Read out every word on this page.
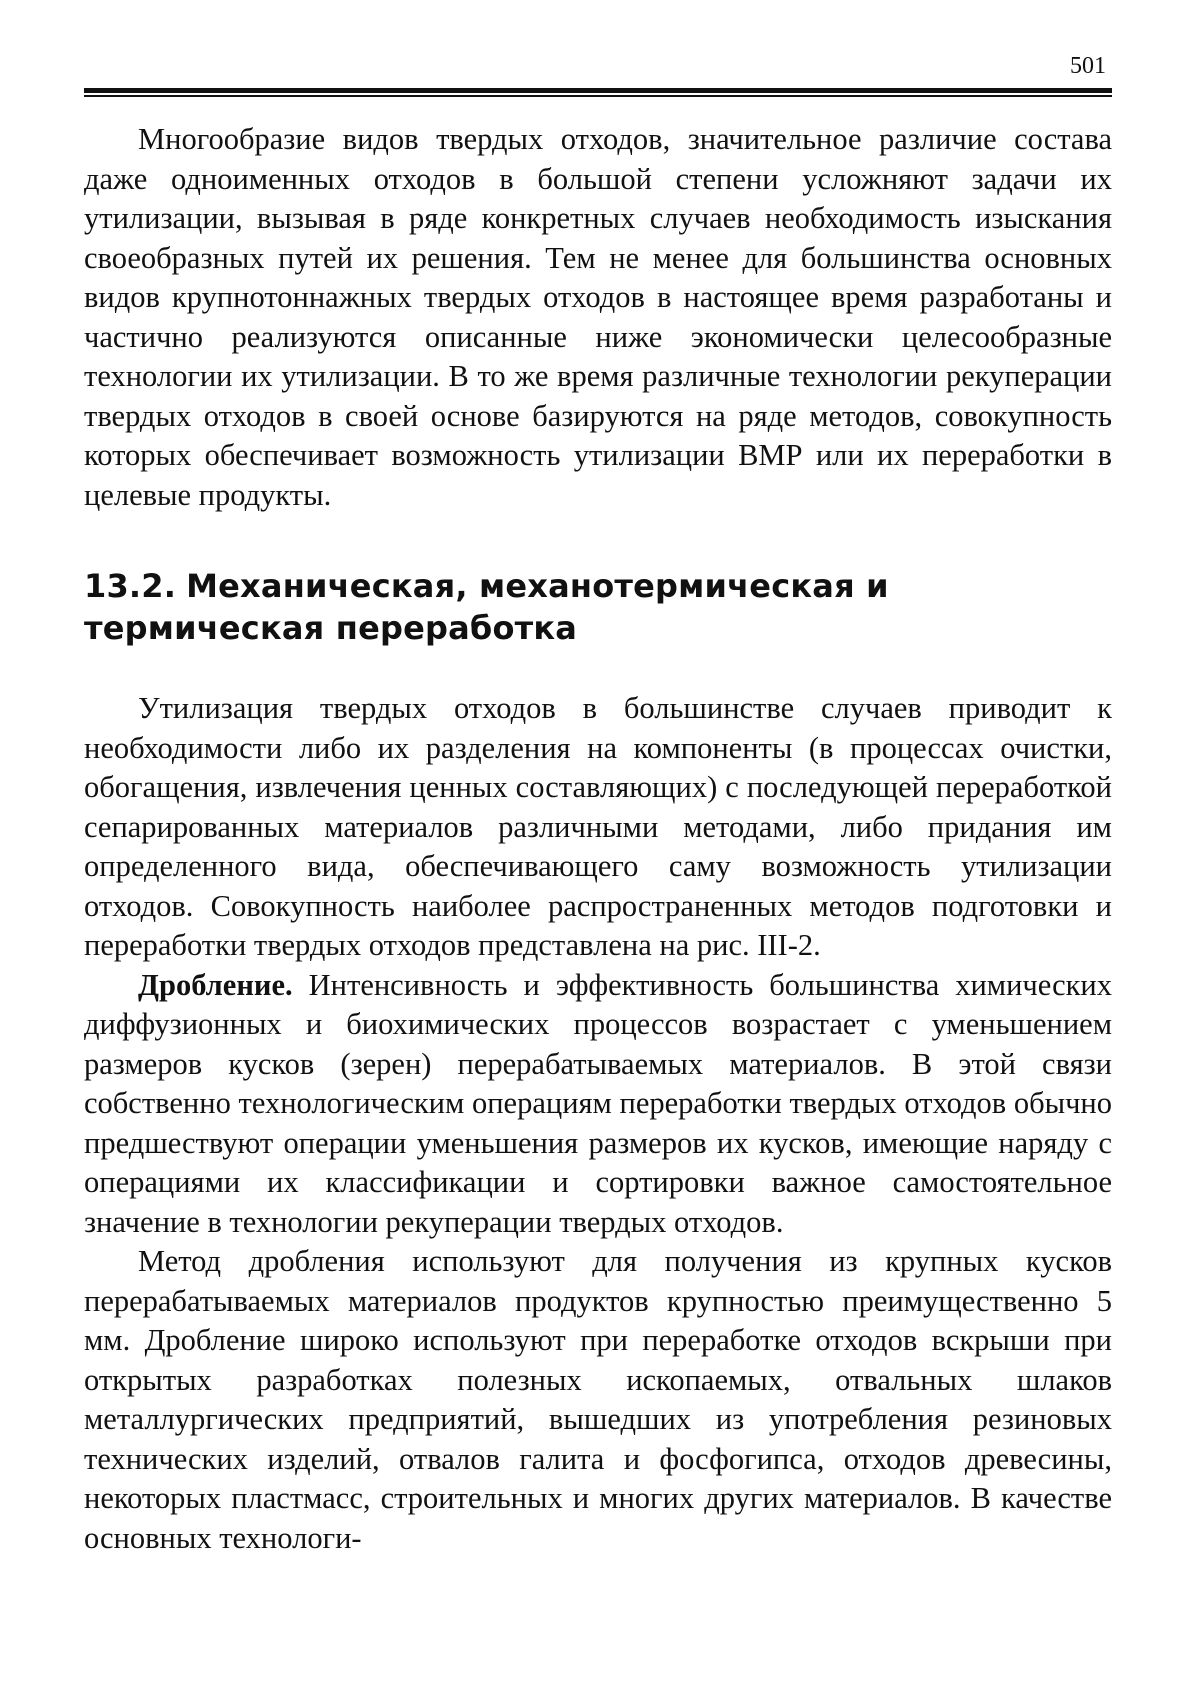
501

Многообразие видов твердых отходов, значительное различие состава даже одноименных отходов в большой степени усложняют задачи их утилизации, вызывая в ряде конкретных случаев необходимость изыскания своеобразных путей их решения. Тем не менее для большинства основных видов крупнотоннажных твердых отходов в настоящее время разработаны и частично реализуются описанные ниже экономически целесообразные технологии их утилизации. В то же время различные технологии рекуперации твердых отходов в своей основе базируются на ряде методов, совокупность которых обеспечивает возможность утилизации ВМР или их переработки в целевые продукты.

13.2. Механическая, механотермическая и термическая переработка

Утилизация твердых отходов в большинстве случаев приводит к необходимости либо их разделения на компоненты (в процессах очистки, обогащения, извлечения ценных составляющих) с последующей переработкой сепарированных материалов различными методами, либо придания им определенного вида, обеспечивающего саму возможность утилизации отходов. Совокупность наиболее распространенных методов подготовки и переработки твердых отходов представлена на рис. III-2.

Дробление. Интенсивность и эффективность большинства химических диффузионных и биохимических процессов возрастает с уменьшением размеров кусков (зерен) перерабатываемых материалов. В этой связи собственно технологическим операциям переработки твердых отходов обычно предшествуют операции уменьшения размеров их кусков, имеющие наряду с операциями их классификации и сортировки важное самостоятельное значение в технологии рекуперации твердых отходов.

Метод дробления используют для получения из крупных кусков перерабатываемых материалов продуктов крупностью преимущественно 5 мм. Дробление широко используют при переработке отходов вскрыши при открытых разработках полезных ископаемых, отвальных шлаков металлургических предприятий, вышедших из употребления резиновых технических изделий, отвалов галита и фосфогипса, отходов древесины, некоторых пластмасс, строительных и многих других материалов. В качестве основных технологи-
